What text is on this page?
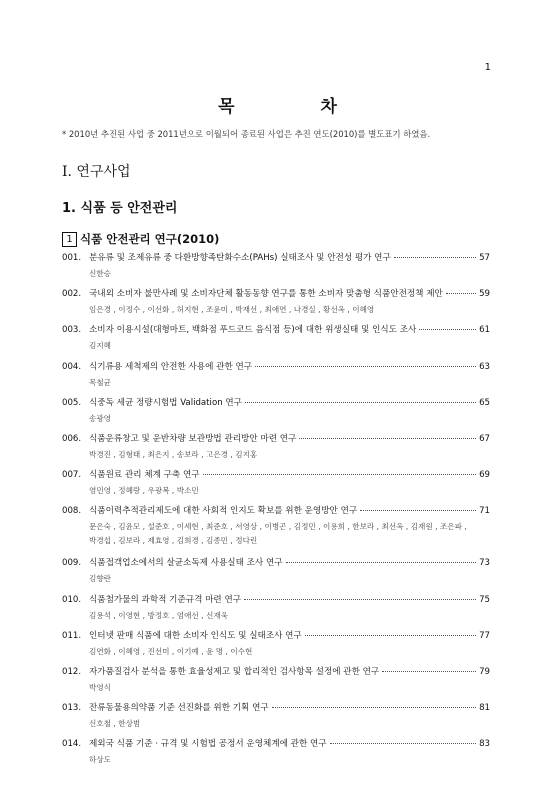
1
목 차
* 2010년 추진된 사업 중 2011년으로 이월되어 종료된 사업은 추진 연도(2010)를 별도표기 하였음.
Ⅰ. 연구사업
1. 식품 등 안전관리
1 식품 안전관리 연구(2010)
001. 분유류 및 조제유류 중 다환방향족탄화수소(PAHs) 실태조사 및 안전성 평가 연구	57
신한승
002. 국내외 소비자 불만사례 및 소비자단체 활동동향 연구를 통한 소비자 맞춤형 식품안전정책 제안	59
임은경 , 이정수 , 이선화 , 허지현 , 조윤미 , 박재선 , 최애연 , 나경실 , 황선옥 , 이혜영
003. 소비자 이용시설(대형마트, 백화점 푸드코드 음식점 등)에 대한 위생실태 및 인식도 조사	61
김지혜
004. 식기류용 세척제의 안전한 사용에 관한 연구	63
목철균
005. 식중독 세균 정량시험법 Validation 연구	65
송광영
006. 식품운류창고 및 운반차량 보관방법 관리방안 마련 연구	67
박경진 , 김형태 , 최은지 , 송보라 , 고은경 , 김지홍
007. 식품원료 관리 체계 구축 연구	69
염민영 , 정혜랑 , 우광복 , 박소민
008. 식품이력추적관리제도에 대한 사회적 인지도 확보를 위한 운영방안 연구	71
문은숙 , 김윤모 , 설준호 , 이세현 , 최준호 , 서영상 , 이병곤 , 김정민 , 이용희 , 한보라 , 최선옥 , 김재원 , 조은파 ,
박경섭 , 김보라 , 제효영 , 김희경 , 김종민 , 정다린
009. 식품접객업소에서의 살균소독제 사용실태 조사 연구	73
김향란
010. 식품첨가물의 과학적 기준규격 마련 연구	75
김용석 , 이영현 , 방정호 , 엄애선 , 신재욱
011. 인터넷 판매 식품에 대한 소비자 인식도 및 실태조사 연구	77
김연화 , 이혜영 , 진선미 , 이기예 , 윤 명 , 이수현
012. 자가품질검사 분석을 통한 효율성제고 및 합리적인 검사항목 설정에 관한 연구	79
박영식
013. 잔류동물용의약품 기준 선진화를 위한 기획 연구	81
신호철 , 한상범
014. 제외국 식품 기준 · 규격 및 시험법 공정서 운영체계에 관한 연구	83
하상도
